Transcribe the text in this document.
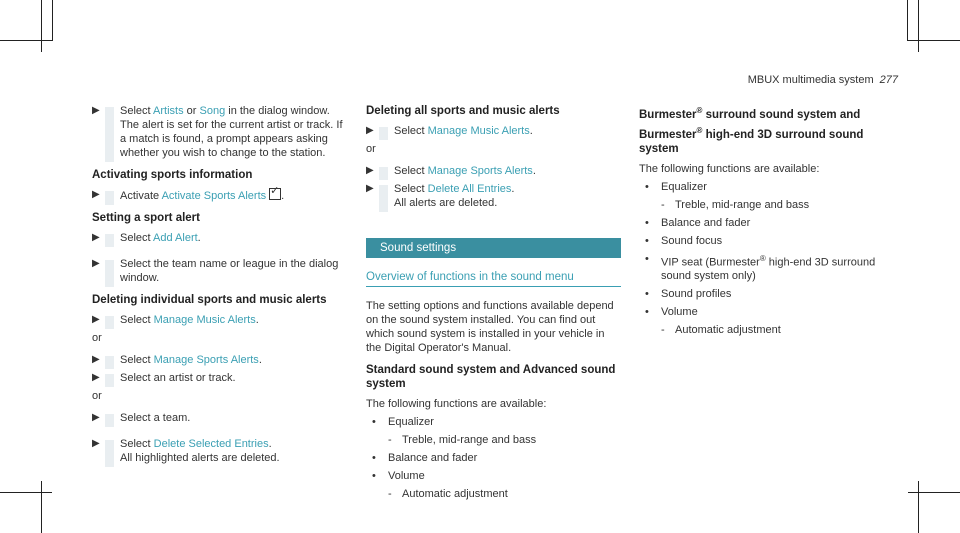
MBUX multimedia system 277
▶ Select Artists or Song in the dialog window.
The alert is set for the current artist or track. If a match is found, a prompt appears asking whether you wish to change to the station.
Activating sports information
▶ Activate Activate Sports Alerts✓ .
Setting a sport alert
▶ Select Add Alert.
▶ Select the team name or league in the dialog window.
Deleting individual sports and music alerts
▶ Select Manage Music Alerts.
or
▶ Select Manage Sports Alerts.
▶ Select an artist or track.
or
▶ Select a team.
▶ Select Delete Selected Entries.
All highlighted alerts are deleted.
Deleting all sports and music alerts
▶ Select Manage Music Alerts.
or
▶ Select Manage Sports Alerts.
▶ Select Delete All Entries.
All alerts are deleted.
Sound settings
Overview of functions in the sound menu
The setting options and functions available depend on the sound system installed. You can find out which sound system is installed in your vehicle in the Digital Operator's Manual.
Standard sound system and Advanced sound system
The following functions are available:
• Equalizer
- Treble, mid-range and bass
• Balance and fader
• Volume
- Automatic adjustment
Burmester® surround sound system and
Burmester® high-end 3D surround sound system
The following functions are available:
• Equalizer
- Treble, mid-range and bass
• Balance and fader
• Sound focus
• VIP seat (Burmester® high-end 3D surround sound system only)
• Sound profiles
• Volume
- Automatic adjustment
